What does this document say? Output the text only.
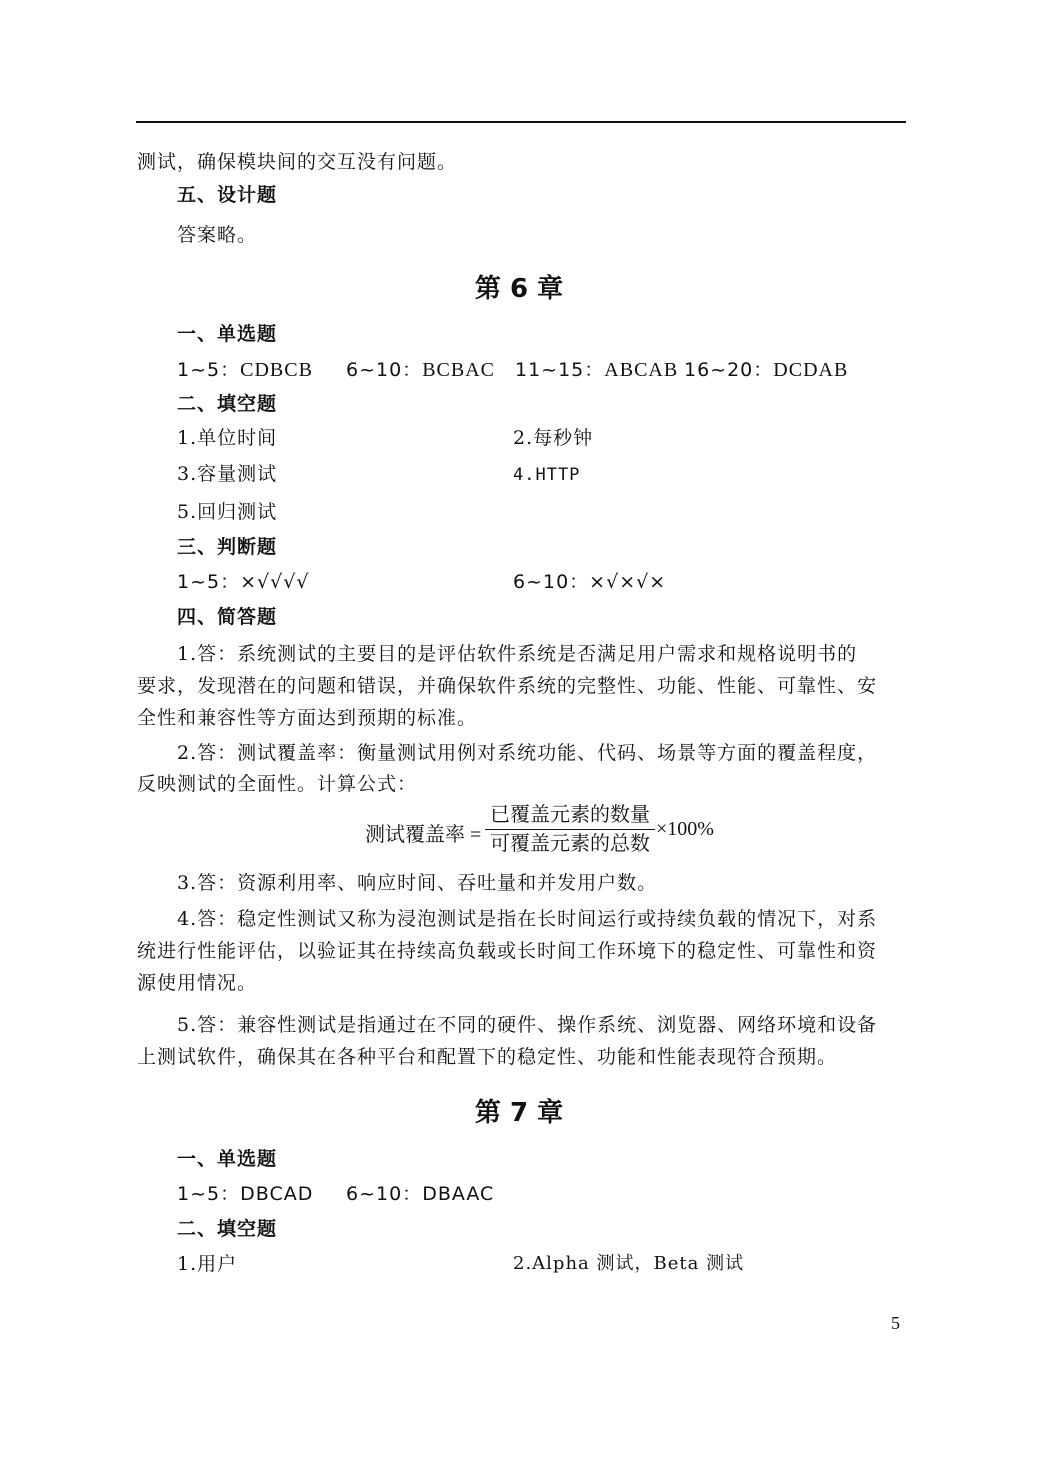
测试，确保模块间的交互没有问题。
五、设计题
答案略。
第 6 章
一、单选题
1~5：CDBCB 6~10：BCBAC 11~15：ABCAB 16~20：DCDAB
二、填空题
1.单位时间	2.每秒钟
3.容量测试	4.HTTP
5.回归测试
三、判断题
1~5：×√√√√	6~10：×√×√×
四、简答题
1.答：系统测试的主要目的是评估软件系统是否满足用户需求和规格说明书的
要求，发现潜在的问题和错误，并确保软件系统的完整性、功能、性能、可靠性、安
全性和兼容性等方面达到预期的标准。
2.答：测试覆盖率：衡量测试用例对系统功能、代码、场景等方面的覆盖程度，
反映测试的全面性。计算公式：
测试覆盖率 =
已覆盖元素的数量
可覆盖元素的总数
×100%
3.答：资源利用率、响应时间、吞吐量和并发用户数。
4.答：稳定性测试又称为浸泡测试是指在长时间运行或持续负载的情况下，对系
统进行性能评估，以验证其在持续高负载或长时间工作环境下的稳定性、可靠性和资
源使用情况。
5.答：兼容性测试是指通过在不同的硬件、操作系统、浏览器、网络环境和设备
上测试软件，确保其在各种平台和配置下的稳定性、功能和性能表现符合预期。
第 7 章
一、单选题
1~5：DBCAD 6~10：DBAAC
二、填空题
1.用户	2.Alpha 测试，Beta 测试
5
